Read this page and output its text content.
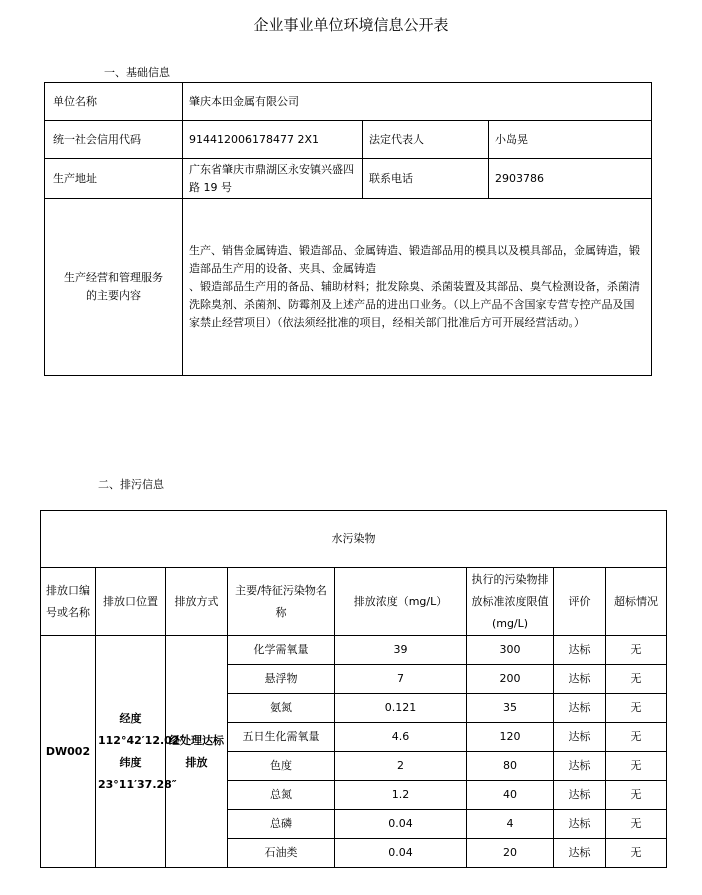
企业事业单位环境信息公开表
一、基础信息
单位名称	肇庆本田金属有限公司		
统一社会信用代码	914412006178477 2X1	法定代表人	小岛晃
生产地址	广东省肇庆市鼎湖区永安镇兴盛四路 19 号	联系电话	2903786
生产经营和管理服务的主要内容	生产、销售金属铸造、锻造部品、金属铸造、锻造部品用的模具以及模具部品，金属铸造，锻造部品生产用的设备、夹具、金属铸造
、锻造部品生产用的备品、辅助材料；批发除臭、杀菌装置及其部品、臭气检测设备，杀菌清洗除臭剂、杀菌剂、防霉剂及上述产品的进出口业务。（以上产品不含国家专营专控产品及国家禁止经营项目）（依法须经批准的项目，经相关部门批准后方可开展经营活动。）		
二、排污信息
水污染物							
排放口编号或名称	排放口位置	排放方式	主要/特征污染物名称	排放浓度（mg/L）	执行的污染物排放标准浓度限值(mg/L)	评价	超标情况
DW002	经度 112°42′12.02″ 纬度 23°11′37.28″	经处理达标排放	化学需氧量	39	300	达标	无
			悬浮物	7	200	达标	无
			氨氮	0.121	35	达标	无
			五日生化需氧量	4.6	120	达标	无
			色度	2	80	达标	无
			总氮	1.2	40	达标	无
			总磷	0.04	4	达标	无
			石油类	0.04	20	达标	无
